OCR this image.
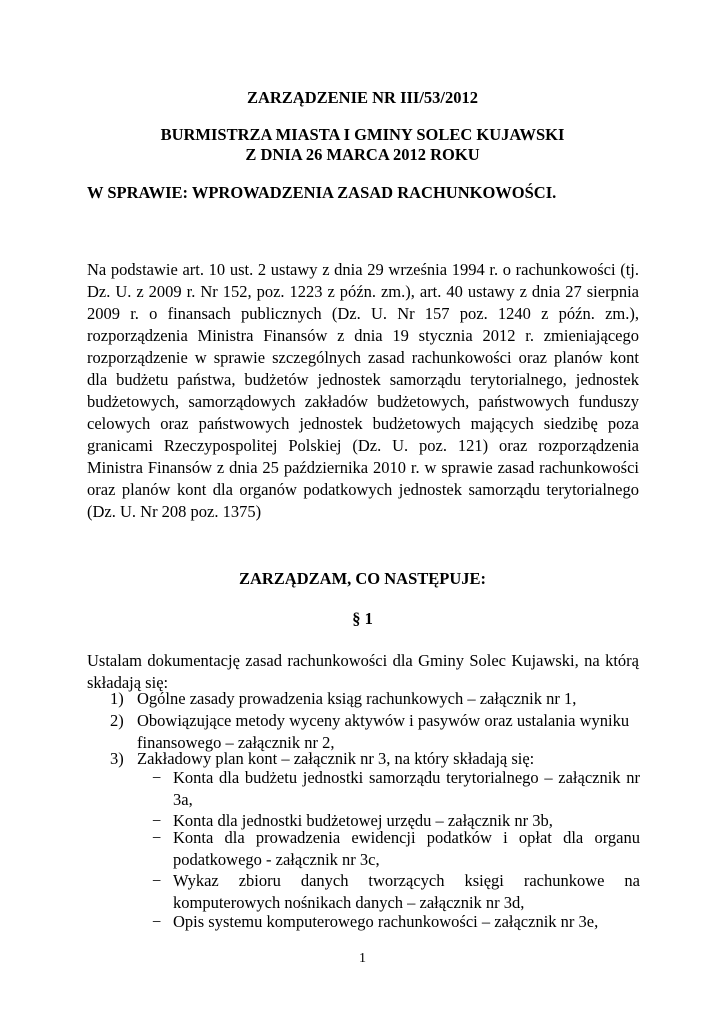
ZARZĄDZENIE NR III/53/2012
BURMISTRZA MIASTA I GMINY SOLEC KUJAWSKI
Z DNIA 26 MARCA 2012 ROKU
W SPRAWIE: WPROWADZENIA ZASAD RACHUNKOWOŚCI.
Na podstawie art. 10 ust. 2 ustawy z dnia 29 września 1994 r. o rachunkowości (tj. Dz. U. z 2009 r. Nr 152, poz. 1223 z późn. zm.), art. 40 ustawy z dnia 27 sierpnia 2009 r. o finansach publicznych (Dz. U. Nr 157 poz. 1240 z późn. zm.), rozporządzenia Ministra Finansów z dnia 19 stycznia 2012 r. zmieniającego rozporządzenie w sprawie szczególnych zasad rachunkowości oraz planów kont dla budżetu państwa, budżetów jednostek samorządu terytorialnego, jednostek budżetowych, samorządowych zakładów budżetowych, państwowych funduszy celowych oraz państwowych jednostek budżetowych mających siedzibę poza granicami Rzeczypospolitej Polskiej (Dz. U. poz. 121) oraz rozporządzenia Ministra Finansów z dnia 25 października 2010 r. w sprawie zasad rachunkowości oraz planów kont dla organów podatkowych jednostek samorządu terytorialnego (Dz. U. Nr 208 poz. 1375)
ZARZĄDZAM, CO NASTĘPUJE:
§ 1
Ustalam dokumentację zasad rachunkowości dla Gminy Solec Kujawski, na którą składają się:
1) Ogólne zasady prowadzenia ksiąg rachunkowych – załącznik nr 1,
2) Obowiązujące metody wyceny aktywów i pasywów oraz ustalania wyniku finansowego – załącznik nr 2,
3) Zakładowy plan kont – załącznik nr 3, na który składają się:
− Konta dla budżetu jednostki samorządu terytorialnego – załącznik nr 3a,
− Konta dla jednostki budżetowej urzędu – załącznik nr 3b,
− Konta dla prowadzenia ewidencji podatków i opłat dla organu podatkowego - załącznik nr 3c,
− Wykaz zbioru danych tworzących księgi rachunkowe na komputerowych nośnikach danych – załącznik nr 3d,
− Opis systemu komputerowego rachunkowości – załącznik nr 3e,
1
